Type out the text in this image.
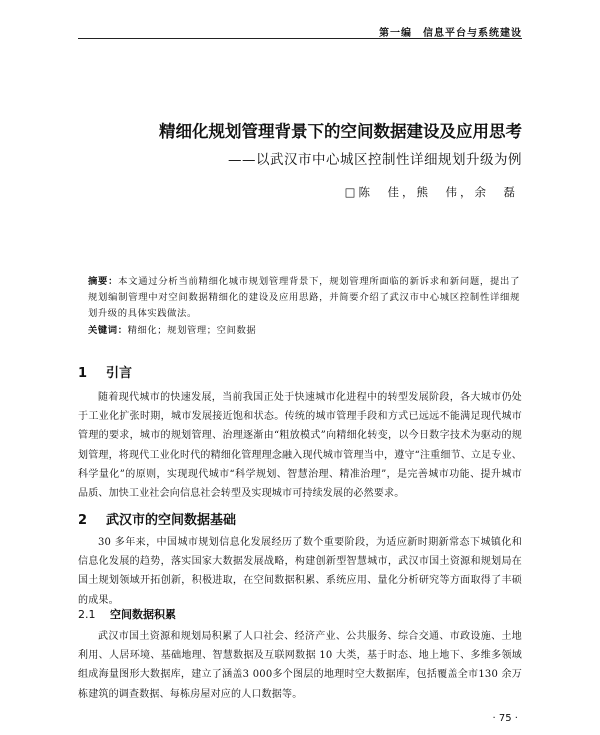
第一编　信息平台与系统建设
精细化规划管理背景下的空间数据建设及应用思考
——以武汉市中心城区控制性详细规划升级为例
□陈　佳，熊　伟，余　磊
摘要：本文通过分析当前精细化城市规划管理背景下，规划管理所面临的新诉求和新问题，提出了规划编制管理中对空间数据精细化的建设及应用思路，并简要介绍了武汉市中心城区控制性详细规划升级的具体实践做法。
关键词：精细化；规划管理；空间数据
1 引言
随着现代城市的快速发展，当前我国正处于快速城市化进程中的转型发展阶段，各大城市仍处于工业化扩张时期，城市发展接近饱和状态。传统的城市管理手段和方式已远远不能满足现代城市管理的要求，城市的规划管理、治理逐渐由“粗放模式”向精细化转变，以今日数字技术为驱动的规划管理，将现代工业化时代的精细化管理理念融入现代城市管理当中，遵守“注重细节、立足专业、科学量化”的原则，实现现代城市“科学规划、智慧治理、精准治理”，是完善城市功能、提升城市品质、加快工业社会向信息社会转型及实现城市可持续发展的必然要求。
2 武汉市的空间数据基础
30 多年来，中国城市规划信息化发展经历了数个重要阶段，为适应新时期新常态下城镇化和信息化发展的趋势，落实国家大数据发展战略，构建创新型智慧城市，武汉市国土资源和规划局在国土规划领域开拓创新，积极进取，在空间数据积累、系统应用、量化分析研究等方面取得了丰硕的成果。
2.1 空间数据积累
武汉市国土资源和规划局积累了人口社会、经济产业、公共服务、综合交通、市政设施、土地利用、人居环境、基础地理、智慧数据及互联网数据 10 大类，基于时态、地上地下、多维多领域组成海量图形大数据库，建立了涵盖3 000多个图层的地理时空大数据库，包括覆盖全市130 余万栋建筑的调查数据、每栋房屋对应的人口数据等。
· 75 ·
